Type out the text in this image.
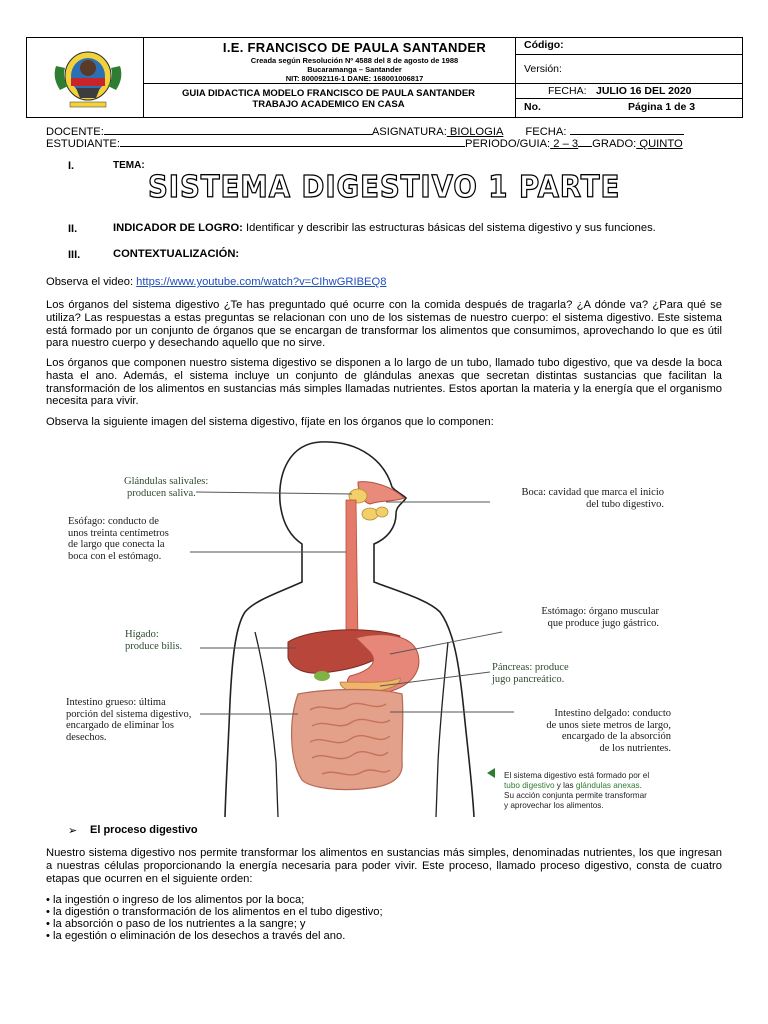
I.E. FRANCISCO DE PAULA SANTANDER
Creada según Resolución Nº 4588 del 8 de agosto de 1988
Bucaramanga – Santander
NIT: 800092116-1 DANE: 168001006817
GUIA DIDACTICA MODELO FRANCISCO DE PAULA SANTANDER
TRABAJO ACADEMICO EN CASA
Código:
Versión:
FECHA: JULIO 16 DEL 2020
No.	Página 1 de 3
DOCENTE:	ASIGNATURA: BIOLOGIA FECHA:
ESTUDIANTE:	PERIODO/GUIA: 2 – 3 GRADO: QUINTO
I.	TEMA:
SISTEMA DIGESTIVO 1 PARTE
II.	INDICADOR DE LOGRO: Identificar y describir las estructuras básicas del sistema digestivo y sus funciones.
III.	CONTEXTUALIZACIÓN:
Observa el video: https://www.youtube.com/watch?v=CIhwGRIBEQ8
Los órganos del sistema digestivo ¿Te has preguntado qué ocurre con la comida después de tragarla? ¿A dónde va? ¿Para qué se utiliza? Las respuestas a estas preguntas se relacionan con uno de los sistemas de nuestro cuerpo: el sistema digestivo. Este sistema está formado por un conjunto de órganos que se encargan de transformar los alimentos que consumimos, aprovechando lo que es útil para nuestro cuerpo y desechando aquello que no sirve.
Los órganos que componen nuestro sistema digestivo se disponen a lo largo de un tubo, llamado tubo digestivo, que va desde la boca hasta el ano. Además, el sistema incluye un conjunto de glándulas anexas que secretan distintas sustancias que facilitan la transformación de los alimentos en sustancias más simples llamadas nutrientes. Estos aportan la materia y la energía que el organismo necesita para vivir.
Observa la siguiente imagen del sistema digestivo, fíjate en los órganos que lo componen:
Glándulas salivales:
producen saliva.
Esófago: conducto de
unos treinta centímetros
de largo que conecta la
boca con el estómago.
Hígado:
produce bilis.
Intestino grueso: última
porción del sistema digestivo,
encargado de eliminar los
desechos.
Boca: cavidad que marca el inicio
del tubo digestivo.
Estómago: órgano muscular
que produce jugo gástrico.
Páncreas: produce
jugo pancreático.
Intestino delgado: conducto
de unos siete metros de largo,
encargado de la absorción
de los nutrientes.
El sistema digestivo está formado por el
tubo digestivo y las glándulas anexas.
Su acción conjunta permite transformar
y aprovechar los alimentos.
➢ El proceso digestivo
Nuestro sistema digestivo nos permite transformar los alimentos en sustancias más simples, denominadas nutrientes, los que ingresan a nuestras células proporcionando la energía necesaria para poder vivir. Este proceso, llamado proceso digestivo, consta de cuatro etapas que ocurren en el siguiente orden:
• la ingestión o ingreso de los alimentos por la boca;
• la digestión o transformación de los alimentos en el tubo digestivo;
• la absorción o paso de los nutrientes a la sangre; y
• la egestión o eliminación de los desechos a través del ano.
